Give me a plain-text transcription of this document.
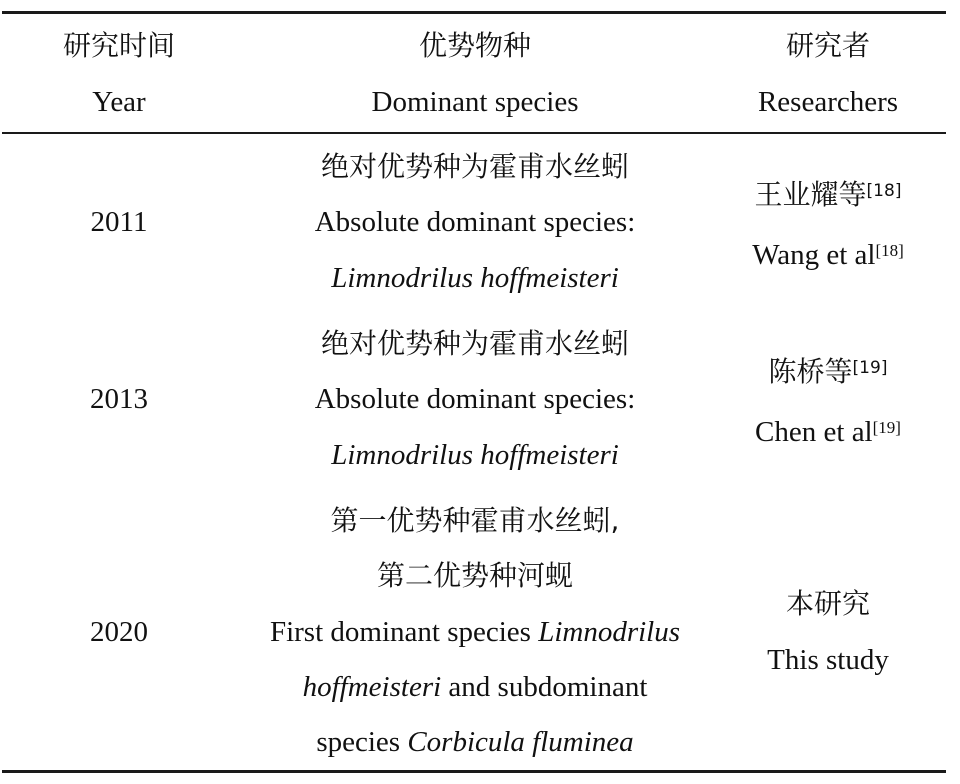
研究时间
Year
优势物种
Dominant species
研究者
Researchers
2011
绝对优势种为霍甫水丝蚓
Absolute dominant species:
Limnodrilus hoffmeisteri
王业耀等[18]
Wang et al[18]
2013
绝对优势种为霍甫水丝蚓
Absolute dominant species:
Limnodrilus hoffmeisteri
陈桥等[19]
Chen et al[19]
2020
第一优势种霍甫水丝蚓,
第二优势种河蚬
First dominant species Limnodrilus
hoffmeisteri and subdominant
species Corbicula fluminea
本研究
This study
